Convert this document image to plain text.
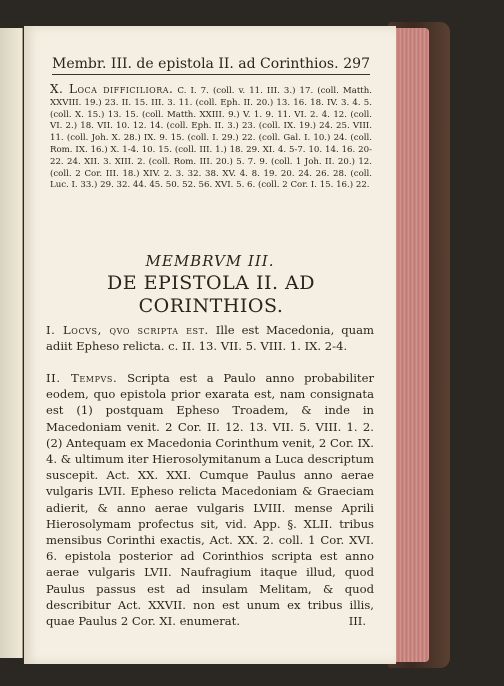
Membr. III. de epistola II. ad Corinthios. 297
X. Loca difficiliora. C. I. 7. (coll. v. 11. III. 3.) 17. (coll. Matth. XXVIII. 19.) 23. II. 15. III. 3. 11. (coll. Eph. II. 20.) 13. 16. 18. IV. 3. 4. 5. (coll. X. 15.) 13. 15. (coll. Matth. XXIII. 9.) V. 1. 9. 11. VI. 2. 4. 12. (coll. VI. 2.) 18. VII. 10. 12. 14. (coll. Eph. II. 3.) 23. (coll. IX. 19.) 24. 25. VIII. 11. (coll. Joh. X. 28.) IX. 9. 15. (coll. I. 29.) 22. (coll. Gal. I. 10.) 24. (coll. Rom. IX. 16.) X. 1-4. 10. 15. (coll. III. 1.) 18. 29. XI. 4. 5-7. 10. 14. 16. 20-22. 24. XII. 3. XIII. 2. (coll. Rom. III. 20.) 5. 7. 9. (coll. 1 Joh. II. 20.) 12. (coll. 2 Cor. III. 18.) XIV. 2. 3. 32. 38. XV. 4. 8. 19. 20. 24. 26. 28. (coll. Luc. I. 33.) 29. 32. 44. 45. 50. 52. 56. XVI. 5. 6. (coll. 2 Cor. I. 15. 16.) 22.
MEMBRVM III.
DE EPISTOLA II. AD CORINTHIOS.
I. Locvs, qvo scripta est. Ille est Macedonia, quam adiit Epheso relicta. c. II. 13. VII. 5. VIII. 1. IX. 2-4.
II. Tempvs. Scripta est a Paulo anno probabiliter eodem, quo epistola prior exarata est, nam consignata est (1) postquam Epheso Troadem, & inde in Macedoniam venit. 2 Cor. II. 12. 13. VII. 5. VIII. 1. 2. (2) Antequam ex Macedonia Corinthum venit, 2 Cor. IX. 4. & ultimum iter Hierosolymitanum a Luca descriptum suscepit. Act. XX. XXI. Cumque Paulus anno aerae vulgaris LVII. Epheso relicta Macedoniam & Graeciam adierit, & anno aerae vulgaris LVIII. mense Aprili Hierosolymam profectus sit, vid. App. §. XLII. tribus mensibus Corinthi exactis, Act. XX. 2. coll. 1 Cor. XVI. 6. epistola posterior ad Corinthios scripta est anno aerae vulgaris LVII. Naufragium itaque illud, quod Paulus passus est ad insulam Melitam, & quod describitur Act. XXVII. non est unum ex tribus illis, quae Paulus 2 Cor. XI. enumerat.	III.
